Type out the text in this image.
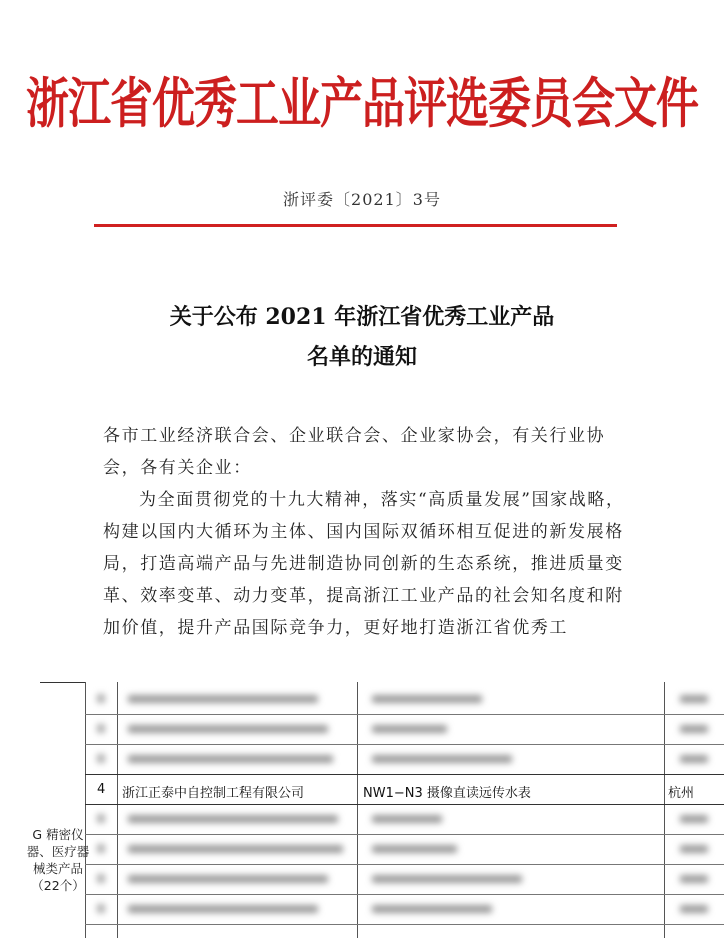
浙江省优秀工业产品评选委员会文件
浙评委〔2021〕3号
关于公布 2021 年浙江省优秀工业产品
名单的通知
各市工业经济联合会、企业联合会、企业家协会，有关行业协会，各有关企业：
为全面贯彻党的十九大精神，落实“高质量发展”国家战略，构建以国内大循环为主体、国内国际双循环相互促进的新发展格局，打造高端产品与先进制造协同创新的生态系统，推进质量变革、效率变革、动力变革，提高浙江工业产品的社会知名度和附加价值，提升产品国际竞争力，更好地打造浙江省优秀工
4 浙江正泰中自控制工程有限公司	NW1−N3 摄像直读远传水表	杭州
G 精密仪器、医疗器械类产品（22个）
